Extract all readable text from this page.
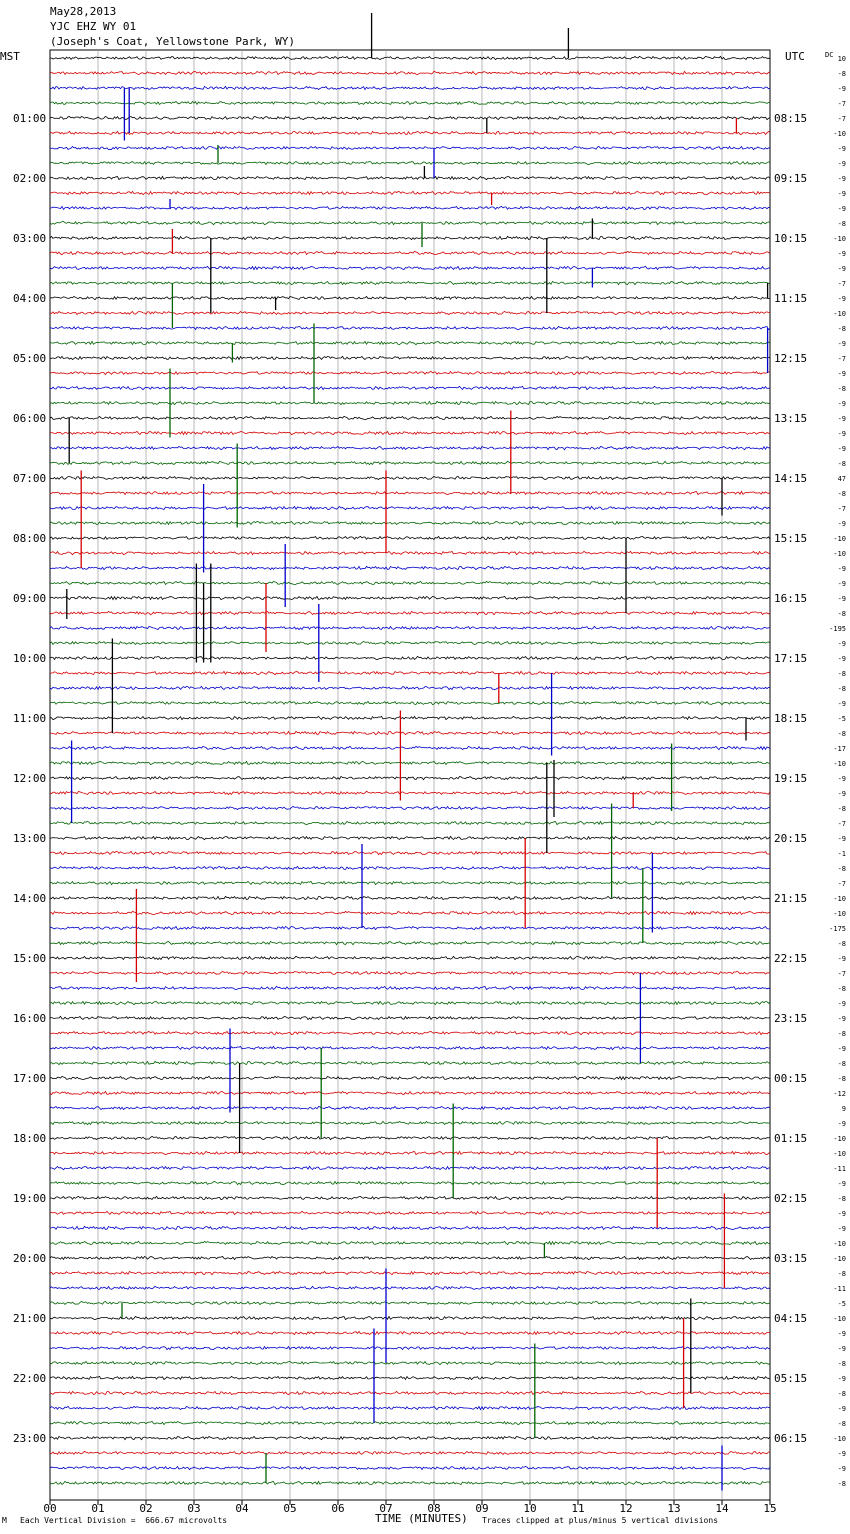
May28,2013
YJC EHZ WY 01
(Joseph's Coat, Yellowstone Park, WY)
MST	UTC
01:00
02:00
03:00
04:00
05:00
06:00
07:00
08:00
09:00
10:00
11:00
12:00
13:00
14:00
15:00
16:00
17:00
18:00
19:00
20:00
21:00
22:00
23:00
08:15
09:15
10:15
11:15
12:15
13:15
14:15
15:15
16:15
17:15
18:15
19:15
20:15
21:15
22:15
23:15
00:15
01:15
02:15
03:15
04:15
05:15
06:15
DC 10
-8
-9
-7
-7
-10
-9
-9
-9
-9
-9
-8
-10
-9
-9
-7
-9
-10
-8
-9
-7
-9
-8
-9
-9
-9
-9
-8
47
-8
-7
-9
-10
-10
-9
-9
-9
-8
-195
-9
-9
-8
-8
-9
-5
-8
-17
-10
-9
-9
-8
-7
-9
-1
-8
-7
-10
-10
-175
-8
-9
-7
-8
-9
-9
-8
-9
-8
-8
-12
9
-9
-10
-10
-11
-9
-8
-9
-9
-10
-10
-8
-11
-5
-10
-9
-9
-8
-9
-8
-9
-8
-10
-9
-9
-8
00	01	02	03	04	05	06	07	08	09	10	11	12	13	14	15
TIME (MINUTES)
M Each Vertical Division =  666.67 microvolts	Traces clipped at plus/minus 5 vertical divisions
